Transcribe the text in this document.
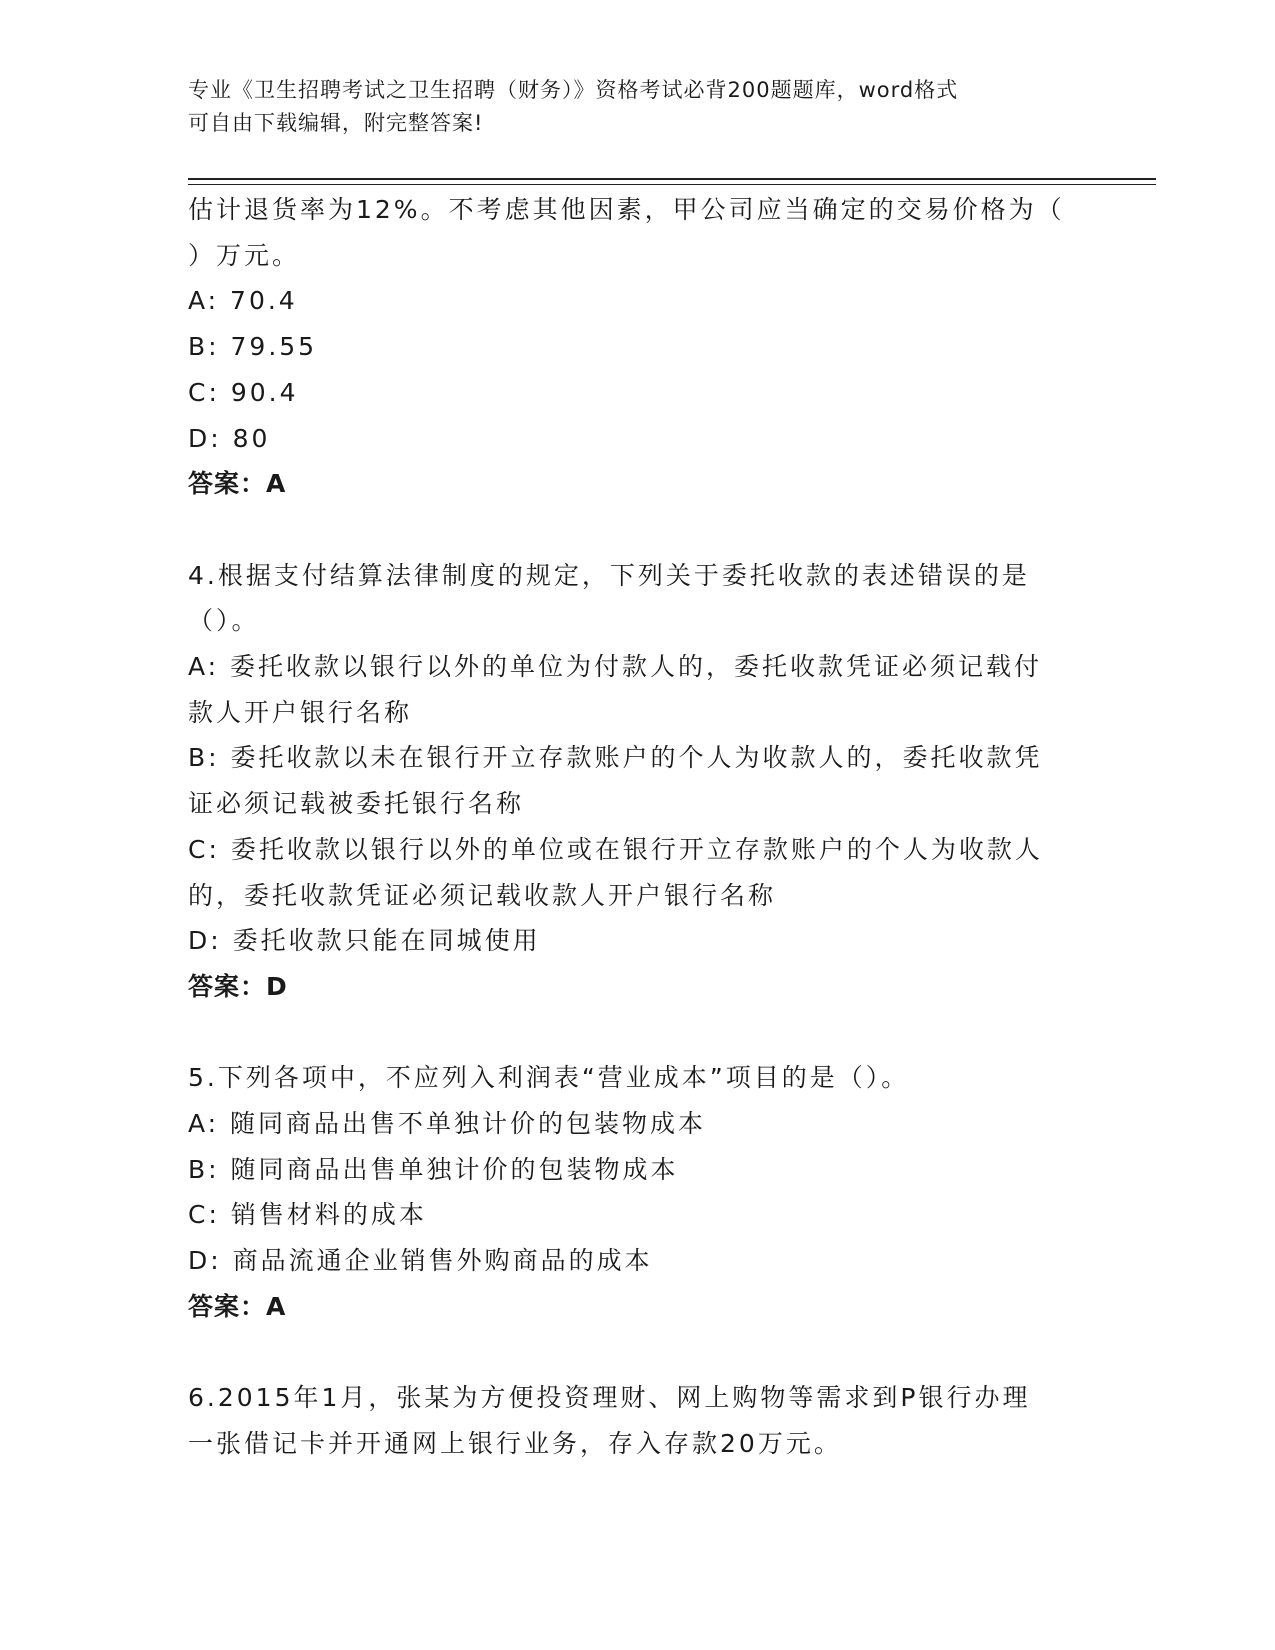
专业《卫生招聘考试之卫生招聘（财务）》资格考试必背200题题库，word格式
可自由下载编辑，附完整答案!

估计退货率为12%。不考虑其他因素，甲公司应当确定的交易价格为（

）万元。

A: 70.4

B: 79.55

C: 90.4

D: 80

答案：A

4.根据支付结算法律制度的规定，下列关于委托收款的表述错误的是

（）。

A: 委托收款以银行以外的单位为付款人的，委托收款凭证必须记载付

款人开户银行名称

B: 委托收款以未在银行开立存款账户的个人为收款人的，委托收款凭

证必须记载被委托银行名称

C: 委托收款以银行以外的单位或在银行开立存款账户的个人为收款人

的，委托收款凭证必须记载收款人开户银行名称

D: 委托收款只能在同城使用

答案：D

5.下列各项中，不应列入利润表“营业成本”项目的是（）。

A: 随同商品出售不单独计价的包装物成本

B: 随同商品出售单独计价的包装物成本

C: 销售材料的成本

D: 商品流通企业销售外购商品的成本

答案：A

6.2015年1月，张某为方便投资理财、网上购物等需求到P银行办理

一张借记卡并开通网上银行业务，存入存款20万元。
